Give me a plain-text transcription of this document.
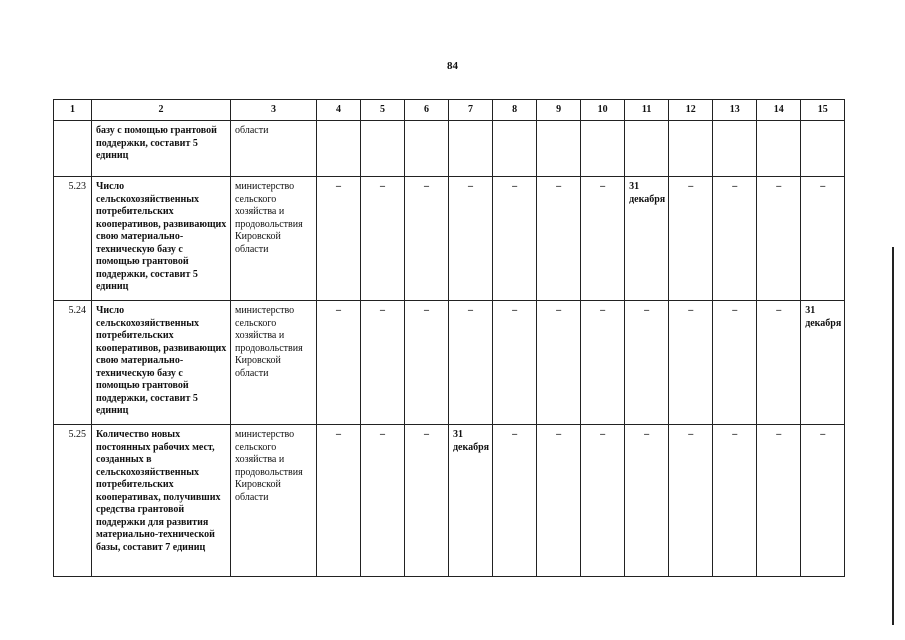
84
1	2	3	4	5	6	7	8	9	10	11	12	13	14	15
	базу с помощью грантовой поддержки, составит 5 единиц	области												
5.23	Число сельскохозяйственных потребительских кооперативов, развивающих свою материально-техническую базу с помощью грантовой поддержки, составит 5 единиц	министерство сельского хозяйства и продовольствия Кировской области	–	–	–	–	–	–	–	31 декабря	–	–	–	–
5.24	Число сельскохозяйственных потребительских кооперативов, развивающих свою материально-техническую базу с помощью грантовой поддержки, составит 5 единиц	министерство сельского хозяйства и продовольствия Кировской области	–	–	–	–	–	–	–	–	–	–	–	31 декабря
5.25	Количество новых постоянных рабочих мест, созданных в сельскохозяйственных потребительских кооперативах, получивших средства грантовой поддержки для развития материально-технической базы, составит 7 единиц	министерство сельского хозяйства и продовольствия Кировской области	–	–	–	31 декабря	–	–	–	–	–	–	–	–
